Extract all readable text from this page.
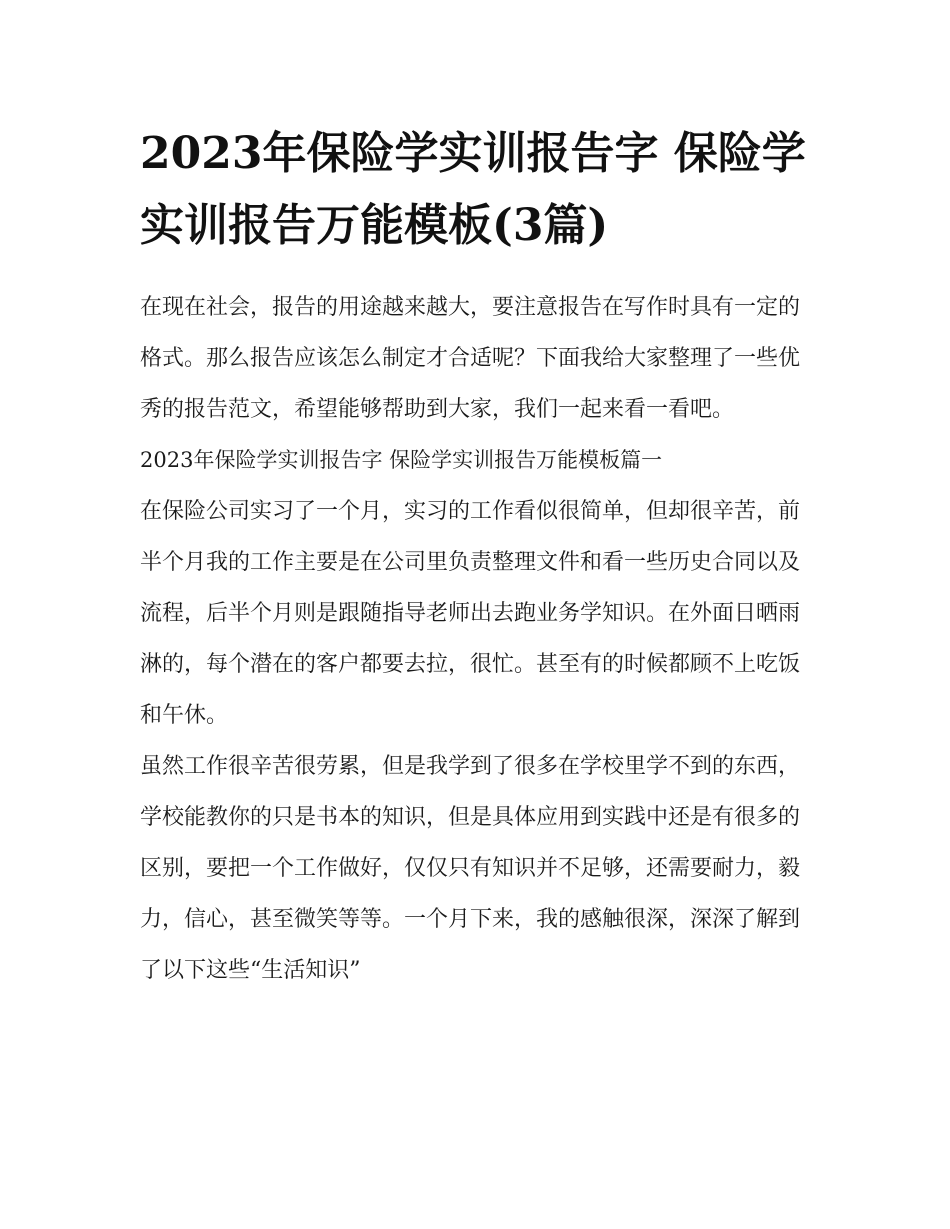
2023年保险学实训报告字 保险学实训报告万能模板(3篇)

在现在社会，报告的用途越来越大，要注意报告在写作时具有一定的格式。那么报告应该怎么制定才合适呢？下面我给大家整理了一些优秀的报告范文，希望能够帮助到大家，我们一起来看一看吧。

2023年保险学实训报告字 保险学实训报告万能模板篇一

在保险公司实习了一个月，实习的工作看似很简单，但却很辛苦，前半个月我的工作主要是在公司里负责整理文件和看一些历史合同以及流程，后半个月则是跟随指导老师出去跑业务学知识。在外面日晒雨淋的，每个潜在的客户都要去拉，很忙。甚至有的时候都顾不上吃饭和午休。

虽然工作很辛苦很劳累，但是我学到了很多在学校里学不到的东西，

学校能教你的只是书本的知识，但是具体应用到实践中还是有很多的区别，要把一个工作做好，仅仅只有知识并不足够，还需要耐力，毅力，信心，甚至微笑等等。一个月下来，我的感触很深，深深了解到了以下这些“生活知识”
